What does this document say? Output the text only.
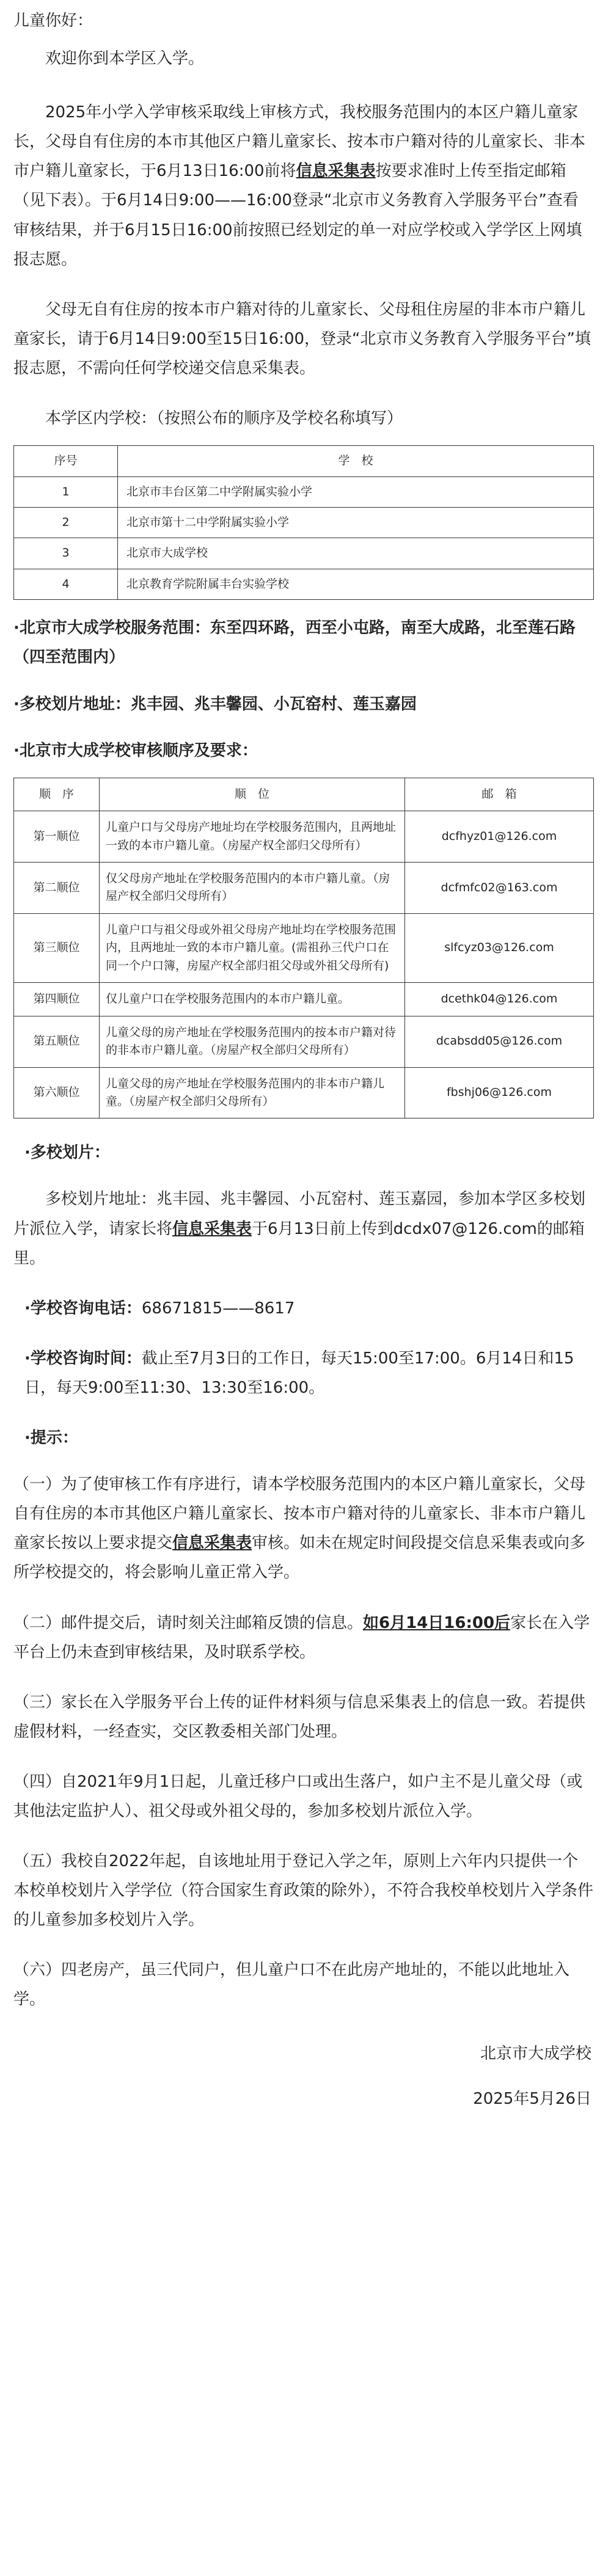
儿童你好：
欢迎你到本学区入学。
2025年小学入学审核采取线上审核方式，我校服务范围内的本区户籍儿童家长，父母自有住房的本市其他区户籍儿童家长、按本市户籍对待的儿童家长、非本市户籍儿童家长，于6月13日16:00前将信息采集表按要求准时上传至指定邮箱（见下表）。于6月14日9:00——16:00登录“北京市义务教育入学服务平台”查看审核结果，并于6月15日16:00前按照已经划定的单一对应学校或入学学区上网填报志愿。
父母无自有住房的按本市户籍对待的儿童家长、父母租住房屋的非本市户籍儿童家长，请于6月14日9:00至15日16:00，登录“北京市义务教育入学服务平台”填报志愿，不需向任何学校递交信息采集表。
本学区内学校：（按照公布的顺序及学校名称填写）
序号	学　校
1	北京市丰台区第二中学附属实验小学
2	北京市第十二中学附属实验小学
3	北京市大成学校
4	北京教育学院附属丰台实验学校
·北京市大成学校服务范围：东至四环路，西至小屯路，南至大成路，北至莲石路（四至范围内）
·多校划片地址：兆丰园、兆丰馨园、小瓦窑村、莲玉嘉园
·北京市大成学校审核顺序及要求：
顺　序	顺　位	邮　箱
第一顺位	儿童户口与父母房产地址均在学校服务范围内，且两地址一致的本市户籍儿童。（房屋产权全部归父母所有）	dcfhyz01@126.com
第二顺位	仅父母房产地址在学校服务范围内的本市户籍儿童。（房屋产权全部归父母所有）	dcfmfc02@163.com
第三顺位	儿童户口与祖父母或外祖父母房产地址均在学校服务范围内，且两地址一致的本市户籍儿童。(需祖孙三代户口在同一个户口簿，房屋产权全部归祖父母或外祖父母所有)	slfcyz03@126.com
第四顺位	仅儿童户口在学校服务范围内的本市户籍儿童。	dcethk04@126.com
第五顺位	儿童父母的房产地址在学校服务范围内的按本市户籍对待的非本市户籍儿童。（房屋产权全部归父母所有）	dcabsdd05@126.com
第六顺位	儿童父母的房产地址在学校服务范围内的非本市户籍儿童。（房屋产权全部归父母所有）	fbshj06@126.com
·多校划片：
多校划片地址：兆丰园、兆丰馨园、小瓦窑村、莲玉嘉园，参加本学区多校划片派位入学，请家长将信息采集表于6月13日前上传到dcdx07@126.com的邮箱里。
·学校咨询电话：68671815——8617
·学校咨询时间：截止至7月3日的工作日，每天15:00至17:00。6月14日和15日，每天9:00至11:30、13:30至16:00。
·提示：
（一）为了使审核工作有序进行，请本学校服务范围内的本区户籍儿童家长，父母自有住房的本市其他区户籍儿童家长、按本市户籍对待的儿童家长、非本市户籍儿童家长按以上要求提交信息采集表审核。如未在规定时间段提交信息采集表或向多所学校提交的，将会影响儿童正常入学。
（二）邮件提交后，请时刻关注邮箱反馈的信息。如6月14日16:00后家长在入学平台上仍未查到审核结果，及时联系学校。
（三）家长在入学服务平台上传的证件材料须与信息采集表上的信息一致。若提供虚假材料，一经查实，交区教委相关部门处理。
（四）自2021年9月1日起，儿童迁移户口或出生落户，如户主不是儿童父母（或其他法定监护人）、祖父母或外祖父母的，参加多校划片派位入学。
（五）我校自2022年起，自该地址用于登记入学之年，原则上六年内只提供一个本校单校划片入学学位（符合国家生育政策的除外），不符合我校单校划片入学条件的儿童参加多校划片入学。
（六）四老房产，虽三代同户，但儿童户口不在此房产地址的，不能以此地址入学。
北京市大成学校
2025年5月26日
